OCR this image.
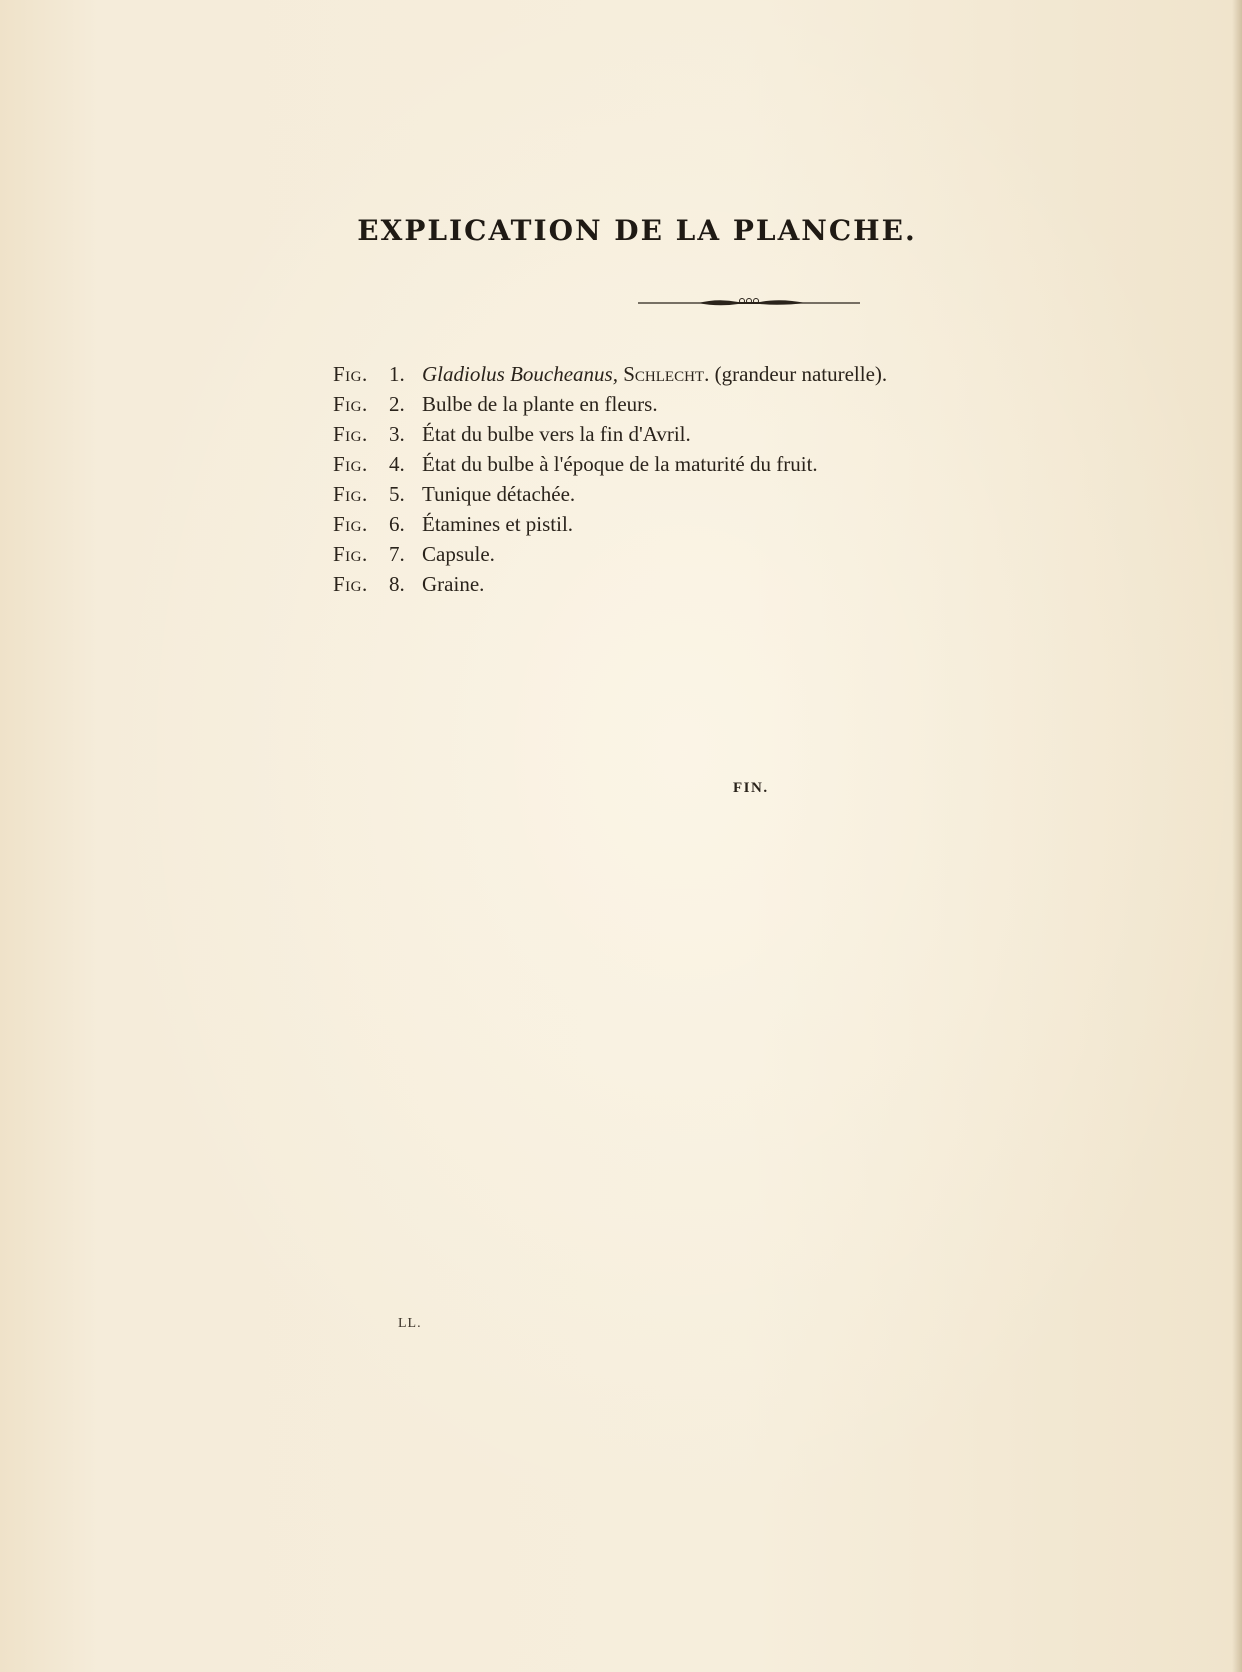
EXPLICATION DE LA PLANCHE.
Fig.	1. Gladiolus Boucheanus, Schlecht. (grandeur naturelle).
Fig.	2. Bulbe de la plante en fleurs.
Fig.	3. État du bulbe vers la fin d'Avril.
Fig.	4. État du bulbe à l'époque de la maturité du fruit.
Fig.	5. Tunique détachée.
Fig.	6. Étamines et pistil.
Fig.	7. Capsule.
Fig.	8. Graine.
FIN.
LL.
